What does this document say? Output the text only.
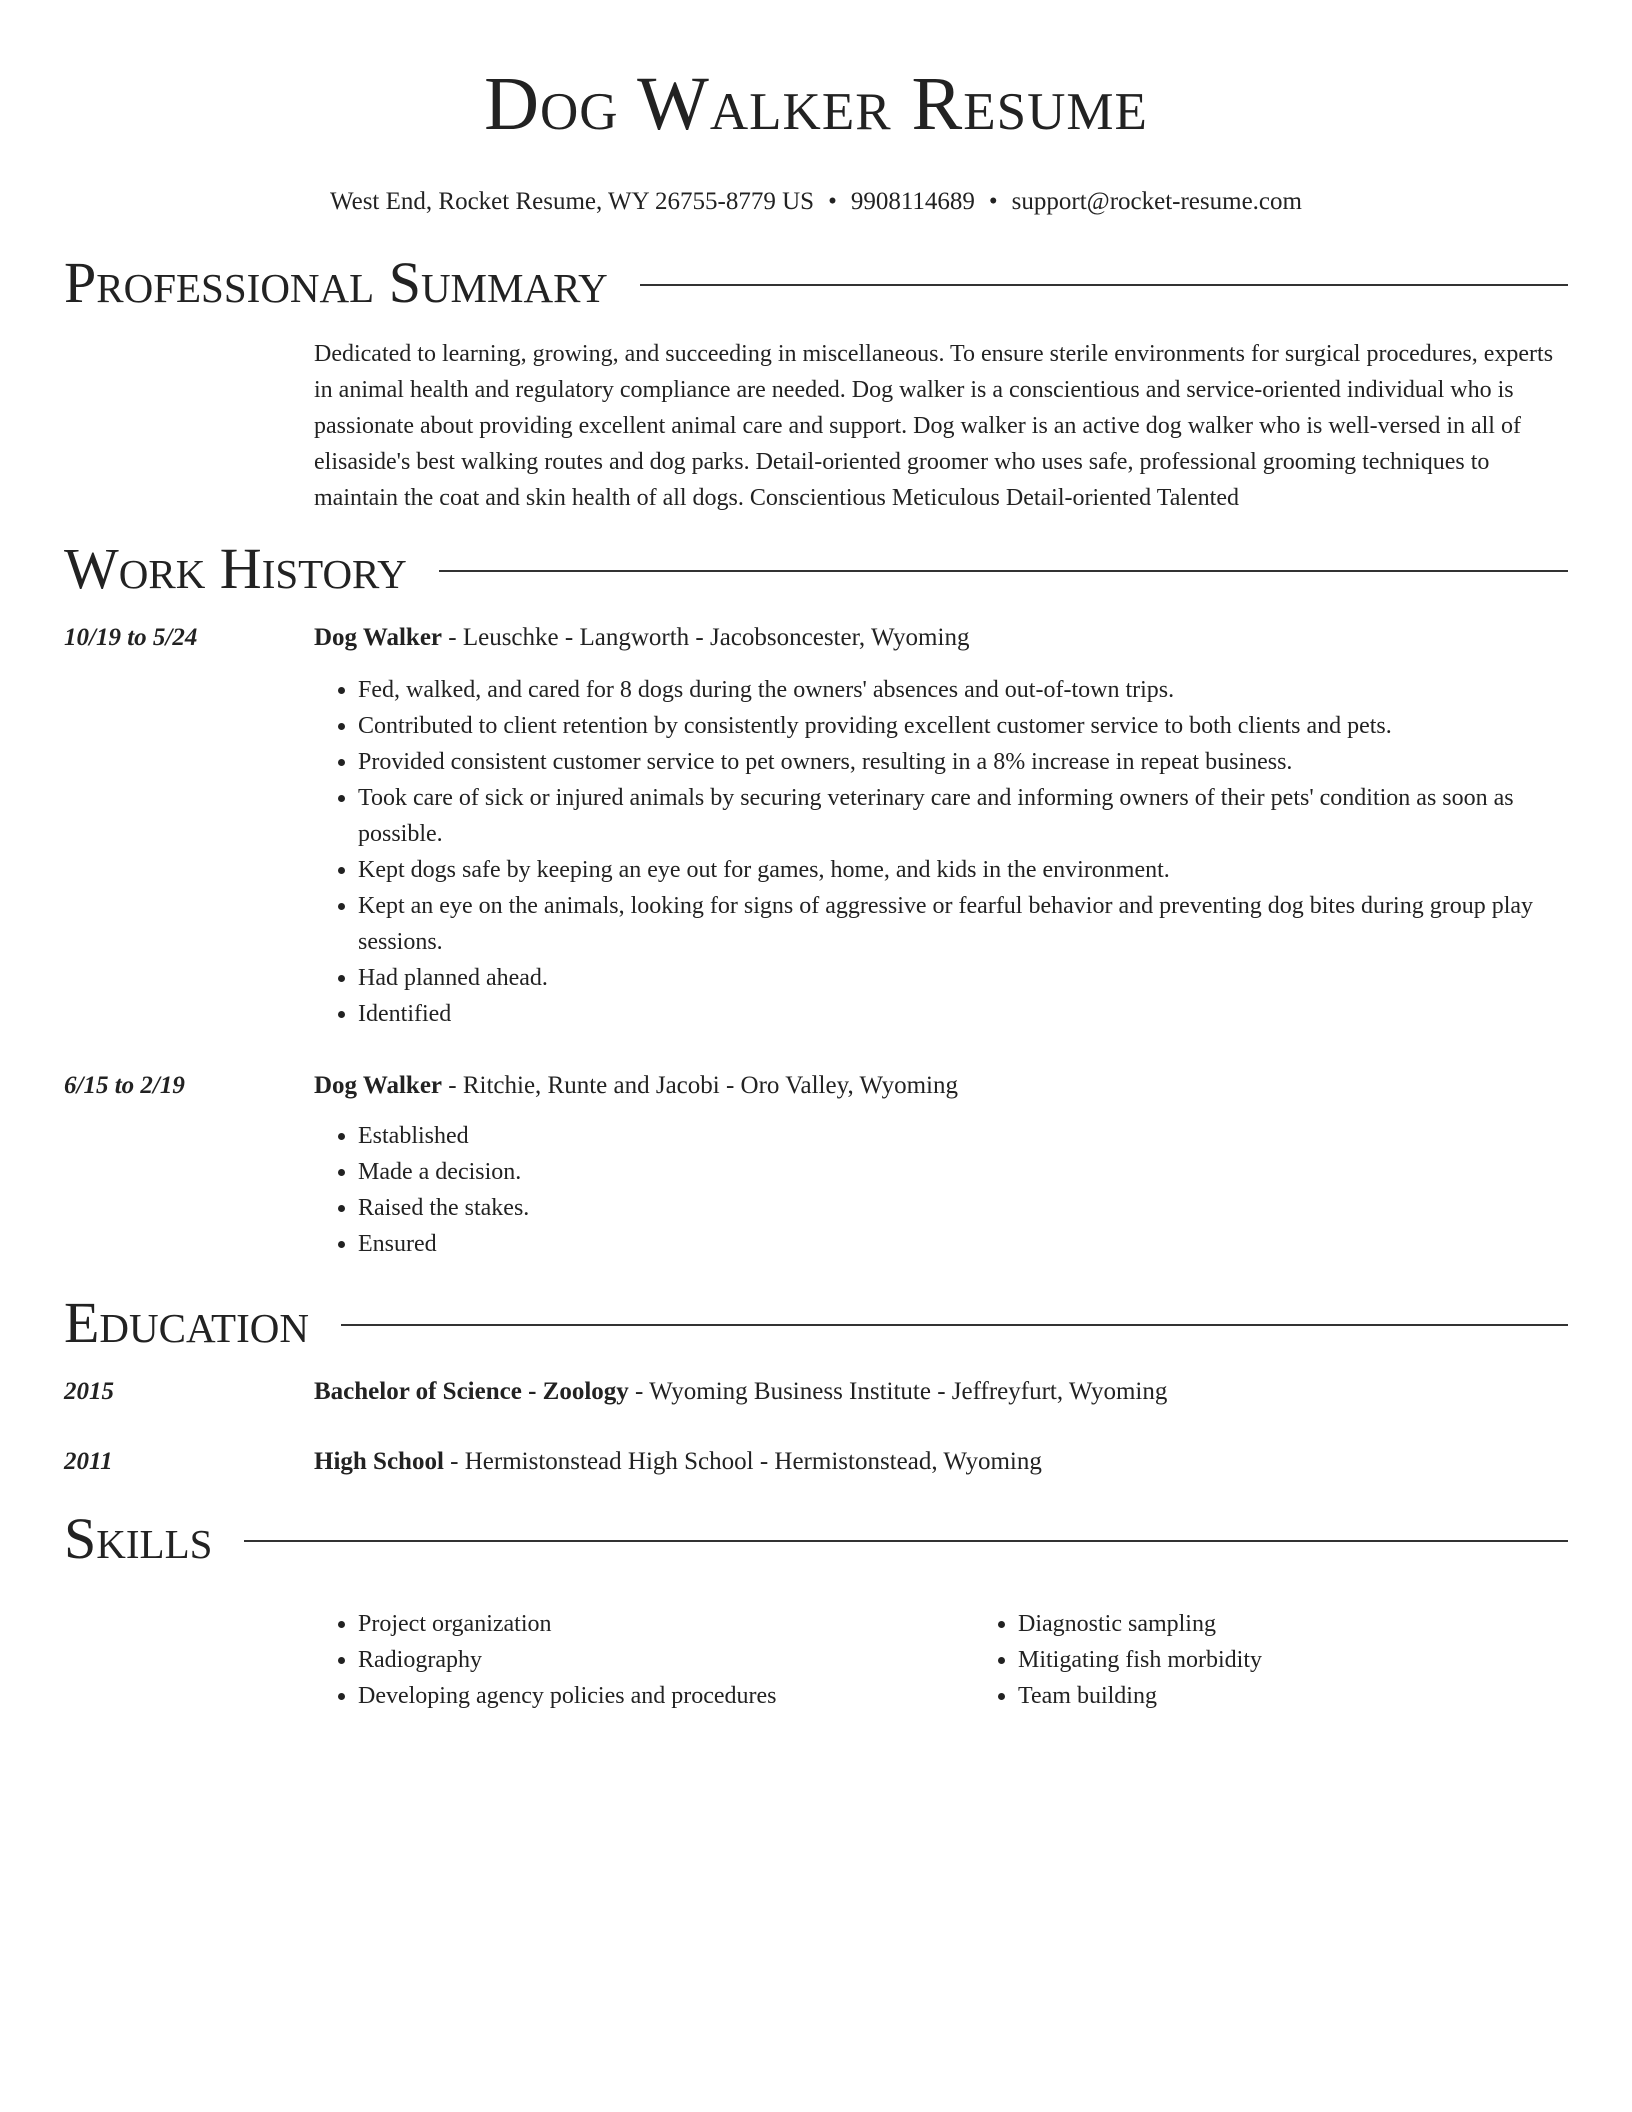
Dog Walker Resume
West End, Rocket Resume, WY 26755-8779 US • 9908114689 • support@rocket-resume.com
Professional Summary
Dedicated to learning, growing, and succeeding in miscellaneous. To ensure sterile environments for surgical procedures, experts in animal health and regulatory compliance are needed. Dog walker is a conscientious and service-oriented individual who is passionate about providing excellent animal care and support. Dog walker is an active dog walker who is well-versed in all of elisaside's best walking routes and dog parks. Detail-oriented groomer who uses safe, professional grooming techniques to maintain the coat and skin health of all dogs. Conscientious Meticulous Detail-oriented Talented
Work History
10/19 to 5/24	Dog Walker - Leuschke - Langworth - Jacobsoncester, Wyoming
• Fed, walked, and cared for 8 dogs during the owners' absences and out-of-town trips.
• Contributed to client retention by consistently providing excellent customer service to both clients and pets.
• Provided consistent customer service to pet owners, resulting in a 8% increase in repeat business.
• Took care of sick or injured animals by securing veterinary care and informing owners of their pets' condition as soon as possible.
• Kept dogs safe by keeping an eye out for games, home, and kids in the environment.
• Kept an eye on the animals, looking for signs of aggressive or fearful behavior and preventing dog bites during group play sessions.
• Had planned ahead.
• Identified
6/15 to 2/19	Dog Walker - Ritchie, Runte and Jacobi - Oro Valley, Wyoming
• Established
• Made a decision.
• Raised the stakes.
• Ensured
Education
2015	Bachelor of Science - Zoology - Wyoming Business Institute - Jeffreyfurt, Wyoming
2011	High School - Hermistonstead High School - Hermistonstead, Wyoming
Skills
• Project organization
• Radiography
• Developing agency policies and procedures
• Diagnostic sampling
• Mitigating fish morbidity
• Team building
